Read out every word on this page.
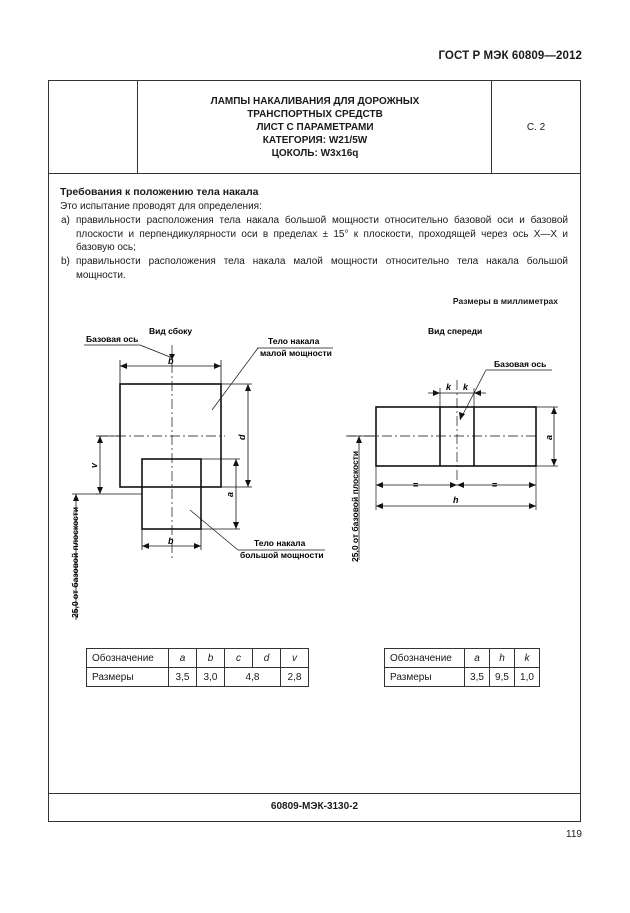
ГОСТ Р МЭК 60809—2012
ЛАМПЫ НАКАЛИВАНИЯ ДЛЯ ДОРОЖНЫХ
ТРАНСПОРТНЫХ СРЕДСТВ
ЛИСТ С ПАРАМЕТРАМИ
КАТЕГОРИЯ: W21/5W
ЦОКОЛЬ: W3x16q
С. 2
Требования к положению тела накала
Это испытание проводят для определения:
a) правильности расположения тела накала большой мощности относительно базовой оси и базовой плоскости и перпендикулярности оси в пределах ± 15° к плоскости, проходящей через ось X—X и базовую ось;
b) правильности расположения тела накала малой мощности относительно тела накала большой мощности.
Размеры в миллиметрах
Вид сбоку
Базовая ось	Тело накала
малой мощности
Тело накала
большой мощности
b
b
d
a
v
25,0 от базовой плоскости
Вид спереди
Базовая ось
k k
=	=
h
a
25,0 от базовой плоскости
Обозначение	a	b	c	d	v
Размеры	3,5	3,0	4,8		2,8
Обозначение	a	h	k
Размеры	3,5	9,5	1,0
60809-МЭК-3130-2
119
